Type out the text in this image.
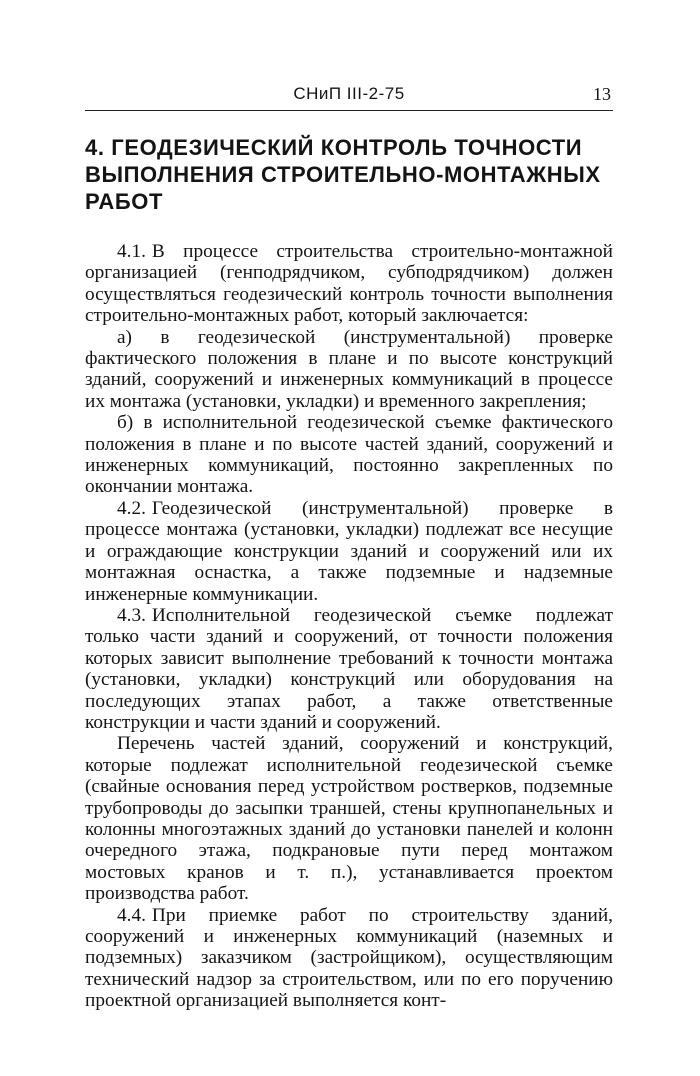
СНиП III-2-75	13
4. ГЕОДЕЗИЧЕСКИЙ КОНТРОЛЬ ТОЧНОСТИ ВЫПОЛНЕНИЯ СТРОИТЕЛЬНО-МОНТАЖНЫХ РАБОТ

4.1. В процессе строительства строительно-монтажной организацией (генподрядчиком, субподрядчиком) должен осуществляться геодезический контроль точности выполнения строительно-монтажных работ, который заключается:

а) в геодезической (инструментальной) проверке фактического положения в плане и по высоте конструкций зданий, сооружений и инженерных коммуникаций в процессе их монтажа (установки, укладки) и временного закрепления;

б) в исполнительной геодезической съемке фактического положения в плане и по высоте частей зданий, сооружений и инженерных коммуникаций, постоянно закрепленных по окончании монтажа.

4.2. Геодезической (инструментальной) проверке в процессе монтажа (установки, укладки) подлежат все несущие и ограждающие конструкции зданий и сооружений или их монтажная оснастка, а также подземные и надземные инженерные коммуникации.

4.3. Исполнительной геодезической съемке подлежат только части зданий и сооружений, от точности положения которых зависит выполнение требований к точности монтажа (установки, укладки) конструкций или оборудования на последующих этапах работ, а также ответственные конструкции и части зданий и сооружений.

Перечень частей зданий, сооружений и конструкций, которые подлежат исполнительной геодезической съемке (свайные основания перед устройством ростверков, подземные трубопроводы до засыпки траншей, стены крупнопанельных и колонны многоэтажных зданий до установки панелей и колонн очередного этажа, подкрановые пути перед монтажом мостовых кранов и т. п.), устанавливается проектом производства работ.

4.4. При приемке работ по строительству зданий, сооружений и инженерных коммуникаций (наземных и подземных) заказчиком (застройщиком), осуществляющим технический надзор за строительством, или по его поручению проектной организацией выполняется конт-
